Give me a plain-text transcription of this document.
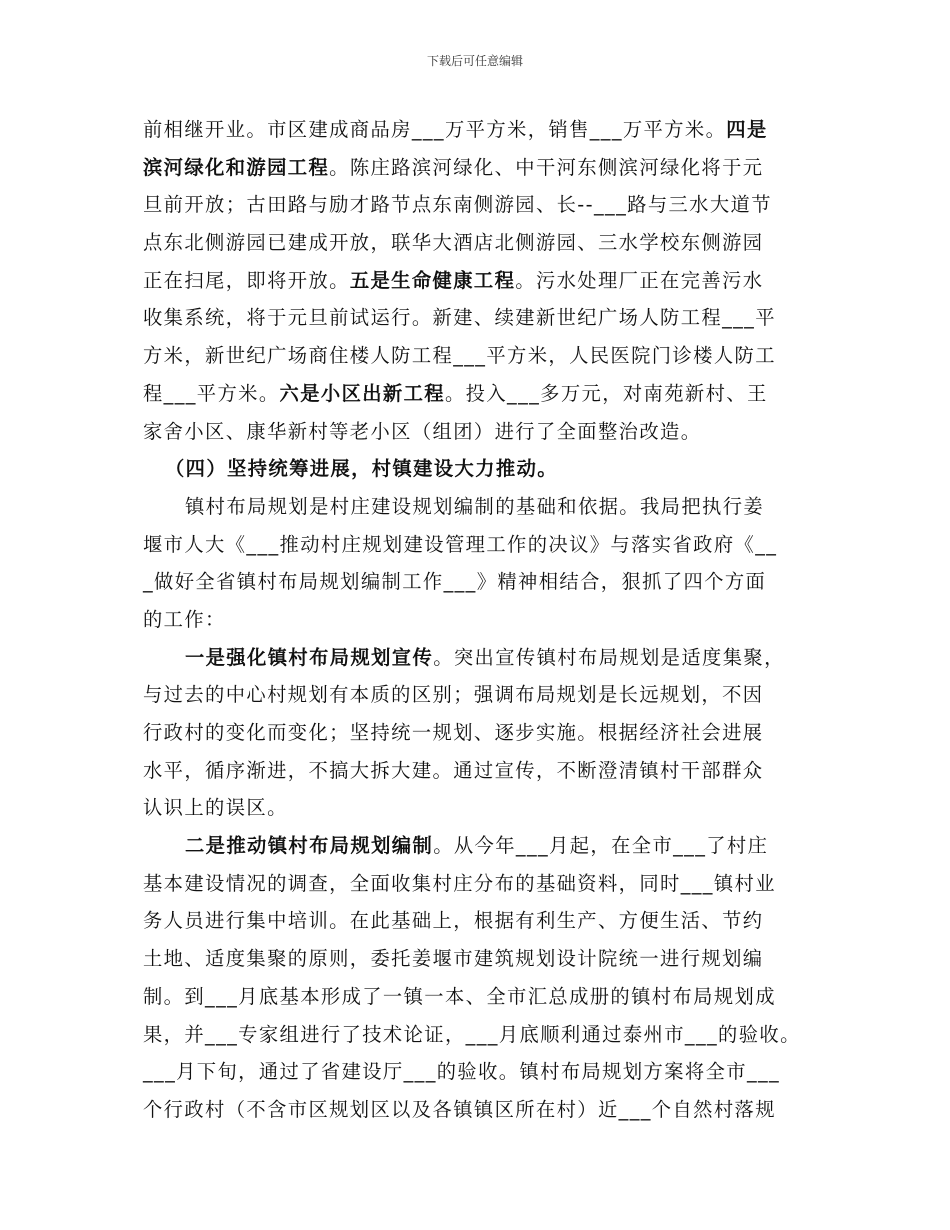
下载后可任意编辑
前相继开业。市区建成商品房___万平方米，销售___万平方米。四是
滨河绿化和游园工程。陈庄路滨河绿化、中干河东侧滨河绿化将于元
旦前开放；古田路与励才路节点东南侧游园、长--___路与三水大道节
点东北侧游园已建成开放，联华大酒店北侧游园、三水学校东侧游园
正在扫尾，即将开放。五是生命健康工程。污水处理厂正在完善污水
收集系统，将于元旦前试运行。新建、续建新世纪广场人防工程___平
方米，新世纪广场商住楼人防工程___平方米，人民医院门诊楼人防工
程___平方米。六是小区出新工程。投入___多万元，对南苑新村、王
家舍小区、康华新村等老小区（组团）进行了全面整治改造。
（四）坚持统筹进展，村镇建设大力推动。
镇村布局规划是村庄建设规划编制的基础和依据。我局把执行姜
堰市人大《___推动村庄规划建设管理工作的决议》与落实省政府《__
_做好全省镇村布局规划编制工作___》精神相结合，狠抓了四个方面
的工作：
一是强化镇村布局规划宣传。突出宣传镇村布局规划是适度集聚，
与过去的中心村规划有本质的区别；强调布局规划是长远规划，不因
行政村的变化而变化；坚持统一规划、逐步实施。根据经济社会进展
水平，循序渐进，不搞大拆大建。通过宣传，不断澄清镇村干部群众
认识上的误区。
二是推动镇村布局规划编制。从今年___月起，在全市___了村庄
基本建设情况的调查，全面收集村庄分布的基础资料，同时___镇村业
务人员进行集中培训。在此基础上，根据有利生产、方便生活、节约
土地、适度集聚的原则，委托姜堰市建筑规划设计院统一进行规划编
制。到___月底基本形成了一镇一本、全市汇总成册的镇村布局规划成
果，并___专家组进行了技术论证，___月底顺利通过泰州市___的验收。
___月下旬，通过了省建设厅___的验收。镇村布局规划方案将全市___
个行政村（不含市区规划区以及各镇镇区所在村）近___个自然村落规
